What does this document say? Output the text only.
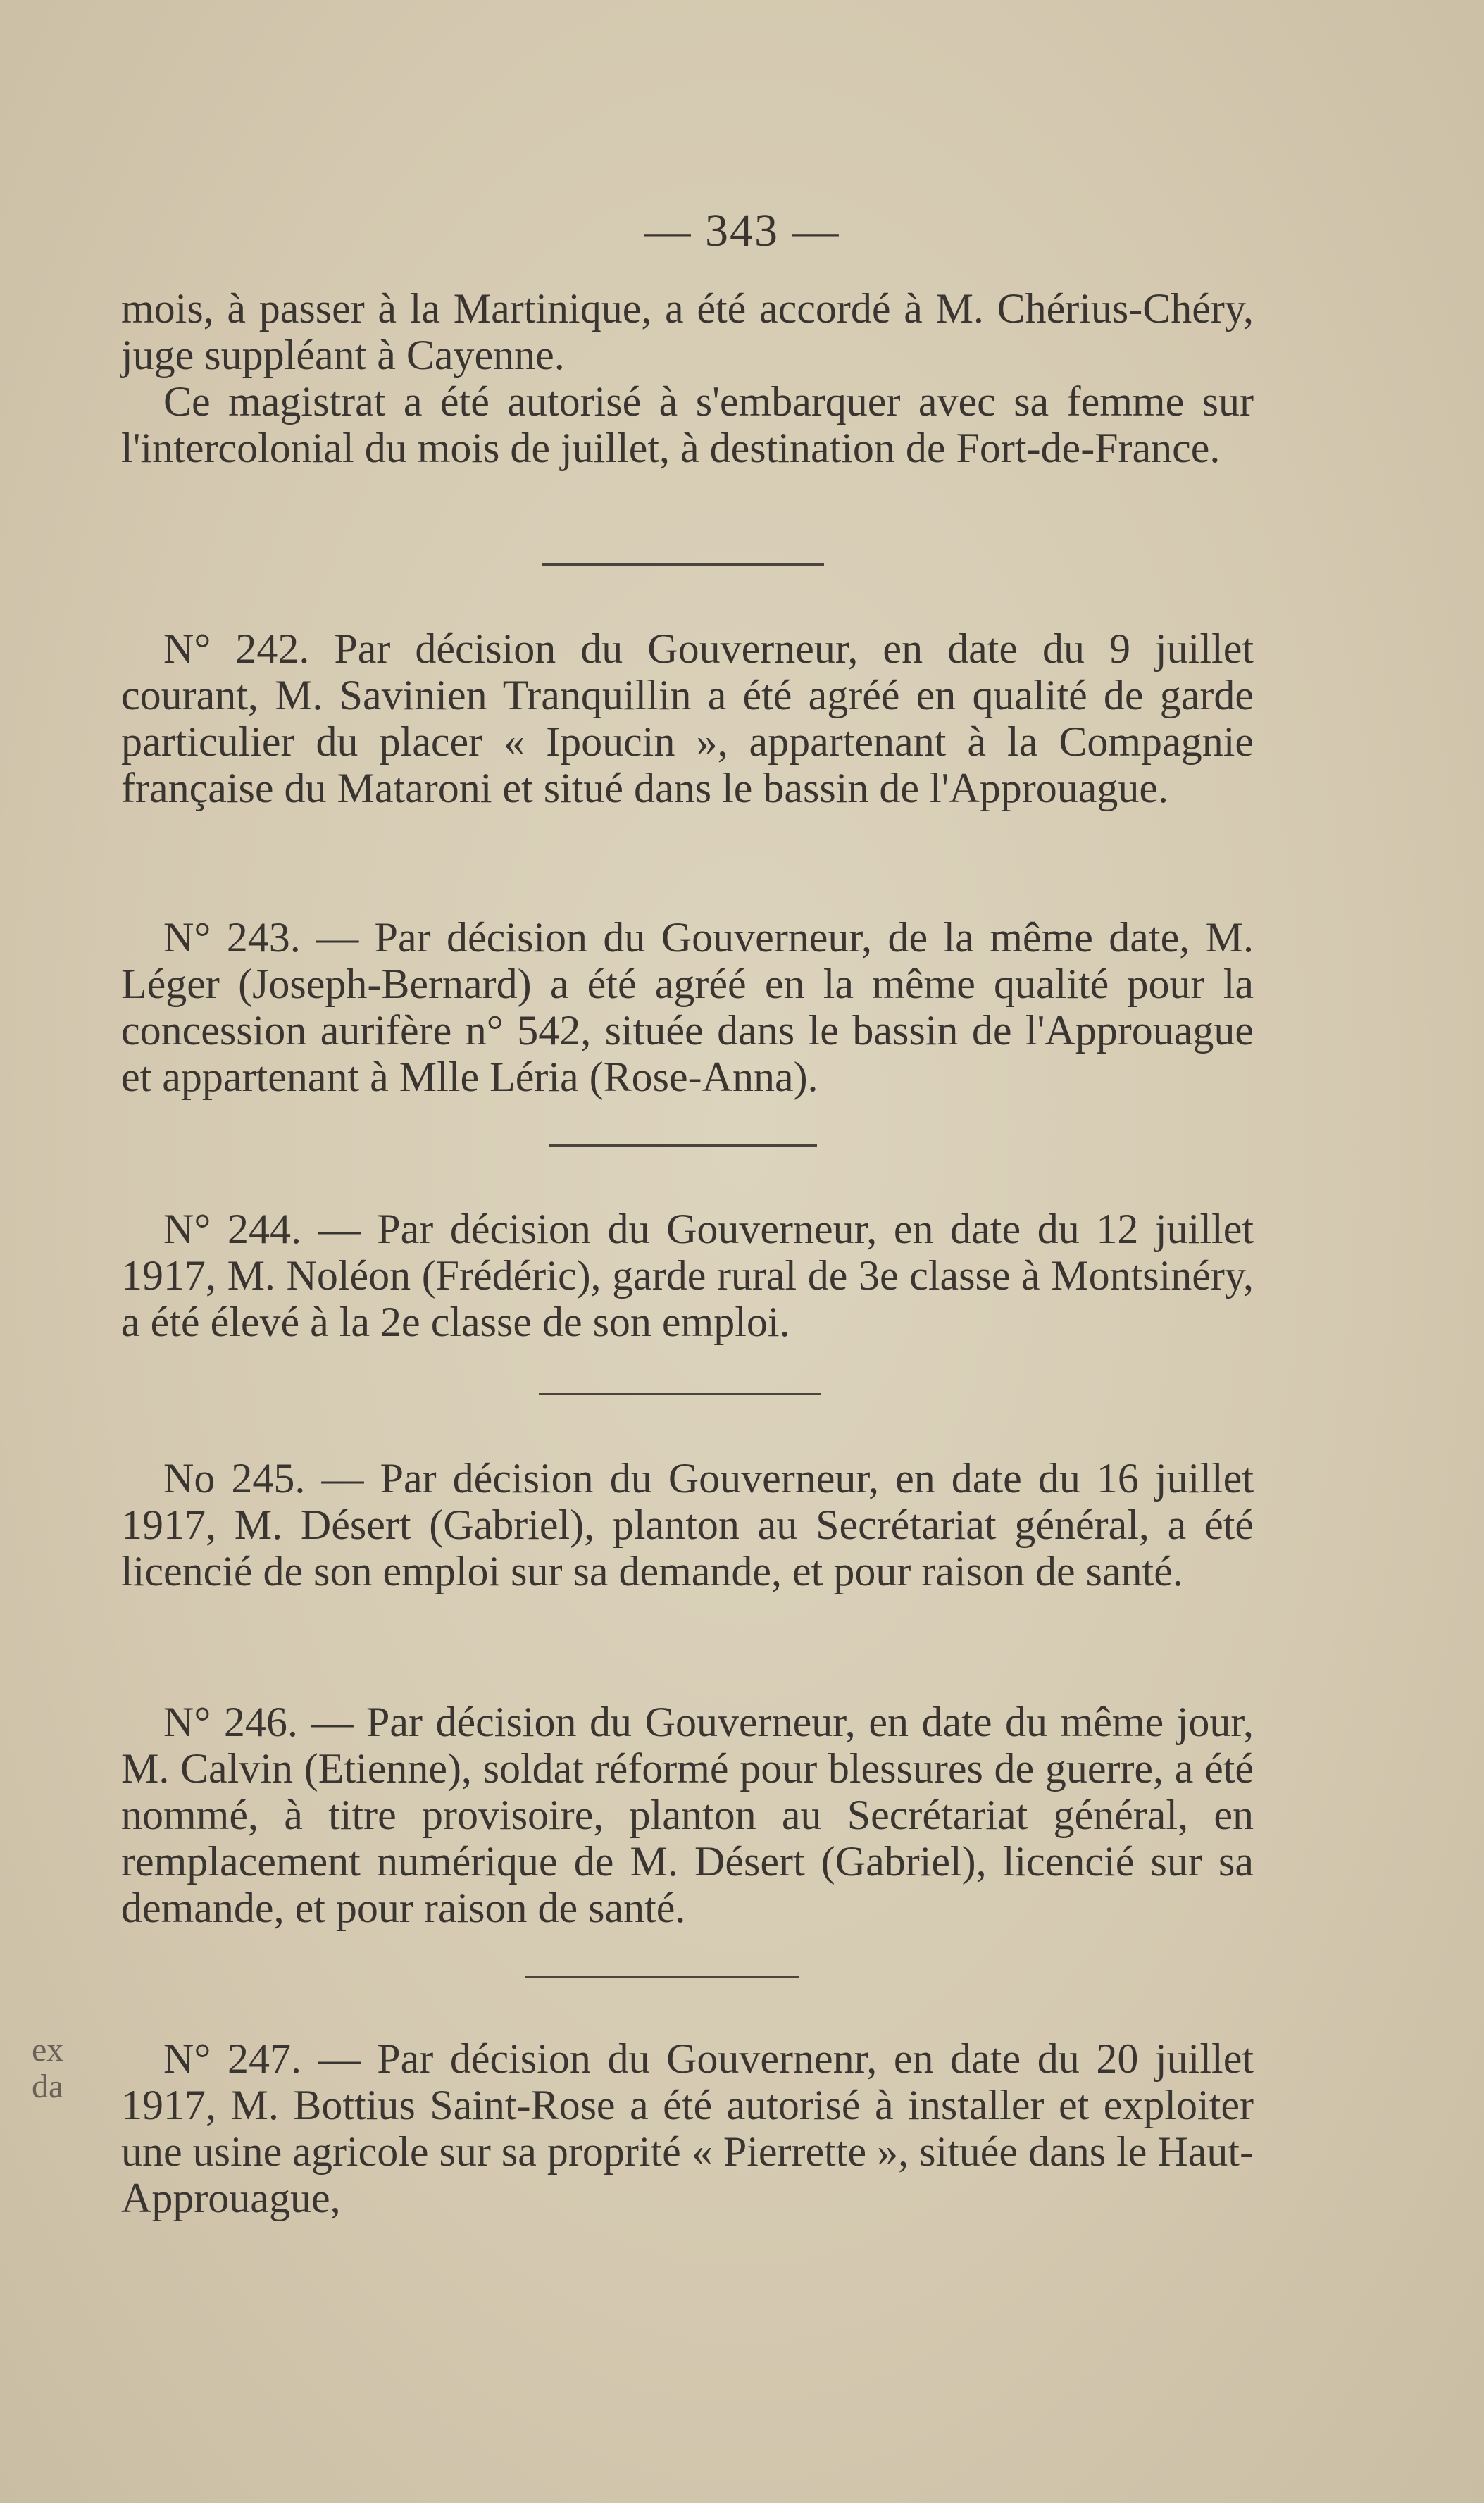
— 343 —

mois, à passer à la Martinique, a été accordé à M. Chérius-Chéry, juge suppléant à Cayenne.

Ce magistrat a été autorisé à s'embarquer avec sa femme sur l'intercolonial du mois de juillet, à destination de Fort-de-France.

N° 242. Par décision du Gouverneur, en date du 9 juillet courant, M. Savinien Tranquillin a été agréé en qualité de garde particulier du placer « Ipoucin », appartenant à la Compagnie française du Mataroni et situé dans le bassin de l'Approuague.

N° 243. — Par décision du Gouverneur, de la même date, M. Léger (Joseph-Bernard) a été agréé en la même qualité pour la concession aurifère n° 542, située dans le bassin de l'Approuague et appartenant à Mlle Léria (Rose-Anna).

N° 244. — Par décision du Gouverneur, en date du 12 juillet 1917, M. Noléon (Frédéric), garde rural de 3e classe à Montsinéry, a été élevé à la 2e classe de son emploi.

No 245. — Par décision du Gouverneur, en date du 16 juillet 1917, M. Désert (Gabriel), planton au Secrétariat général, a été licencié de son emploi sur sa demande, et pour raison de santé.

N° 246. — Par décision du Gouverneur, en date du même jour, M. Calvin (Etienne), soldat réformé pour blessures de guerre, a été nommé, à titre provisoire, planton au Secrétariat général, en remplacement numérique de M. Désert (Gabriel), licencié sur sa demande, et pour raison de santé.

N° 247. — Par décision du Gouvernenr, en date du 20 juillet 1917, M. Bottius Saint-Rose a été autorisé à installer et exploiter une usine agricole sur sa proprité « Pierrette », située dans le Haut-Approuague,

ex
da
